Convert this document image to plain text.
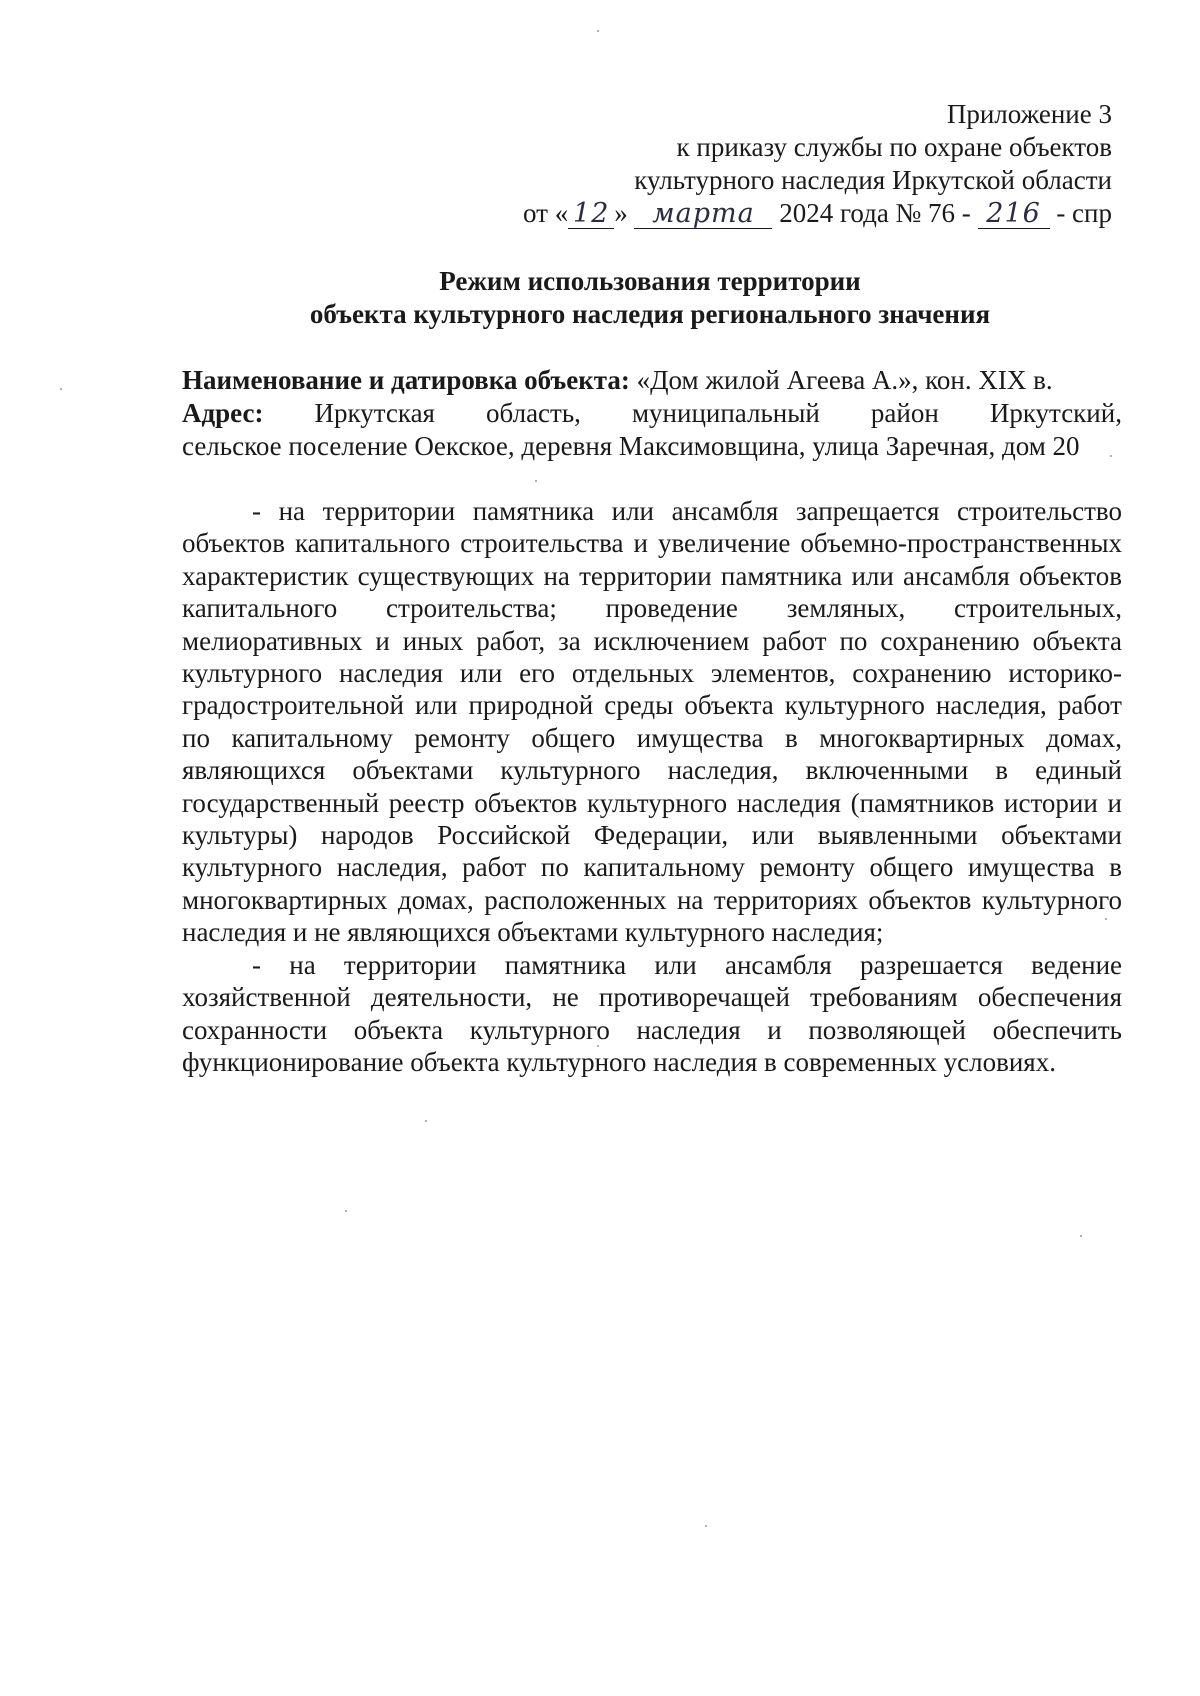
Приложение 3
к приказу службы по охране объектов
культурного наследия Иркутской области
от « 12 » марта 2024 года № 76 - 216 - спр
Режим использования территории
объекта культурного наследия регионального значения
Наименование и датировка объекта: «Дом жилой Агеева А.», кон. XIX в.
Адрес: Иркутская область, муниципальный район Иркутский,
сельское поселение Оекское, деревня Максимовщина, улица Заречная, дом 20

- на территории памятника или ансамбля запрещается строительство объектов капитального строительства и увеличение объемно-пространственных характеристик существующих на территории памятника или ансамбля объектов капитального строительства; проведение земляных, строительных, мелиоративных и иных работ, за исключением работ по сохранению объекта культурного наследия или его отдельных элементов, сохранению историко-градостроительной или природной среды объекта культурного наследия, работ по капитальному ремонту общего имущества в многоквартирных домах, являющихся объектами культурного наследия, включенными в единый государственный реестр объектов культурного наследия (памятников истории и культуры) народов Российской Федерации, или выявленными объектами культурного наследия, работ по капитальному ремонту общего имущества в многоквартирных домах, расположенных на территориях объектов культурного наследия и не являющихся объектами культурного наследия;

- на территории памятника или ансамбля разрешается ведение хозяйственной деятельности, не противоречащей требованиям обеспечения сохранности объекта культурного наследия и позволяющей обеспечить функционирование объекта культурного наследия в современных условиях.
